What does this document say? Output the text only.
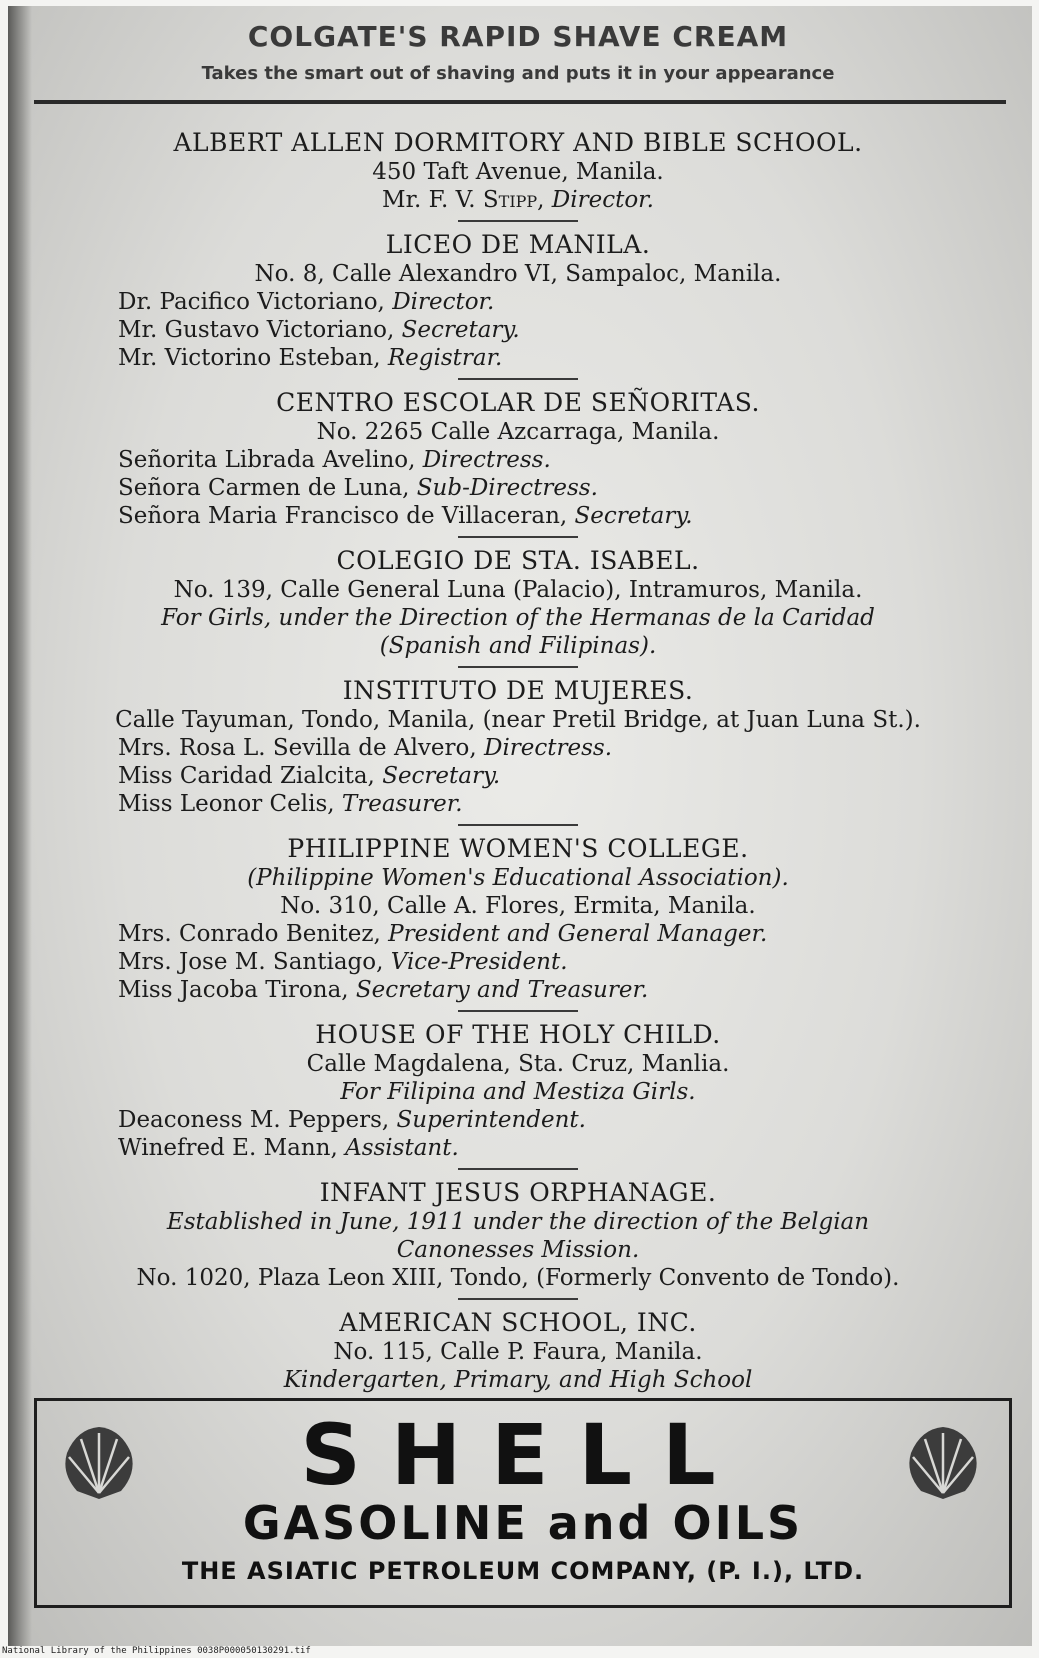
COLGATE'S RAPID SHAVE CREAM
Takes the smart out of shaving and puts it in your appearance
ALBERT ALLEN DORMITORY AND BIBLE SCHOOL.
450 Taft Avenue, Manila.
Mr. F. V. Stipp, Director.
LICEO DE MANILA.
No. 8, Calle Alexandro VI, Sampaloc, Manila.
Dr. Pacifico Victoriano, Director.
Mr. Gustavo Victoriano, Secretary.
Mr. Victorino Esteban, Registrar.
CENTRO ESCOLAR DE SEÑORITAS.
No. 2265 Calle Azcarraga, Manila.
Señorita Librada Avelino, Directress.
Señora Carmen de Luna, Sub-Directress.
Señora Maria Francisco de Villaceran, Secretary.
COLEGIO DE STA. ISABEL.
No. 139, Calle General Luna (Palacio), Intramuros, Manila.
For Girls, under the Direction of the Hermanas de la Caridad
(Spanish and Filipinas).
INSTITUTO DE MUJERES.
Calle Tayuman, Tondo, Manila, (near Pretil Bridge, at Juan Luna St.).
Mrs. Rosa L. Sevilla de Alvero, Directress.
Miss Caridad Zialcita, Secretary.
Miss Leonor Celis, Treasurer.
PHILIPPINE WOMEN'S COLLEGE.
(Philippine Women's Educational Association).
No. 310, Calle A. Flores, Ermita, Manila.
Mrs. Conrado Benitez, President and General Manager.
Mrs. Jose M. Santiago, Vice-President.
Miss Jacoba Tirona, Secretary and Treasurer.
HOUSE OF THE HOLY CHILD.
Calle Magdalena, Sta. Cruz, Manlia.
For Filipina and Mestiza Girls.
Deaconess M. Peppers, Superintendent.
Winefred E. Mann, Assistant.
INFANT JESUS ORPHANAGE.
Established in June, 1911 under the direction of the Belgian
Canonesses Mission.
No. 1020, Plaza Leon XIII, Tondo, (Formerly Convento de Tondo).
AMERICAN SCHOOL, INC.
No. 115, Calle P. Faura, Manila.
Kindergarten, Primary, and High School
SHELL
GASOLINE and OILS
THE ASIATIC PETROLEUM COMPANY, (P. I.), LTD.
National Library of the Philippines 0038P000050130291.tif
